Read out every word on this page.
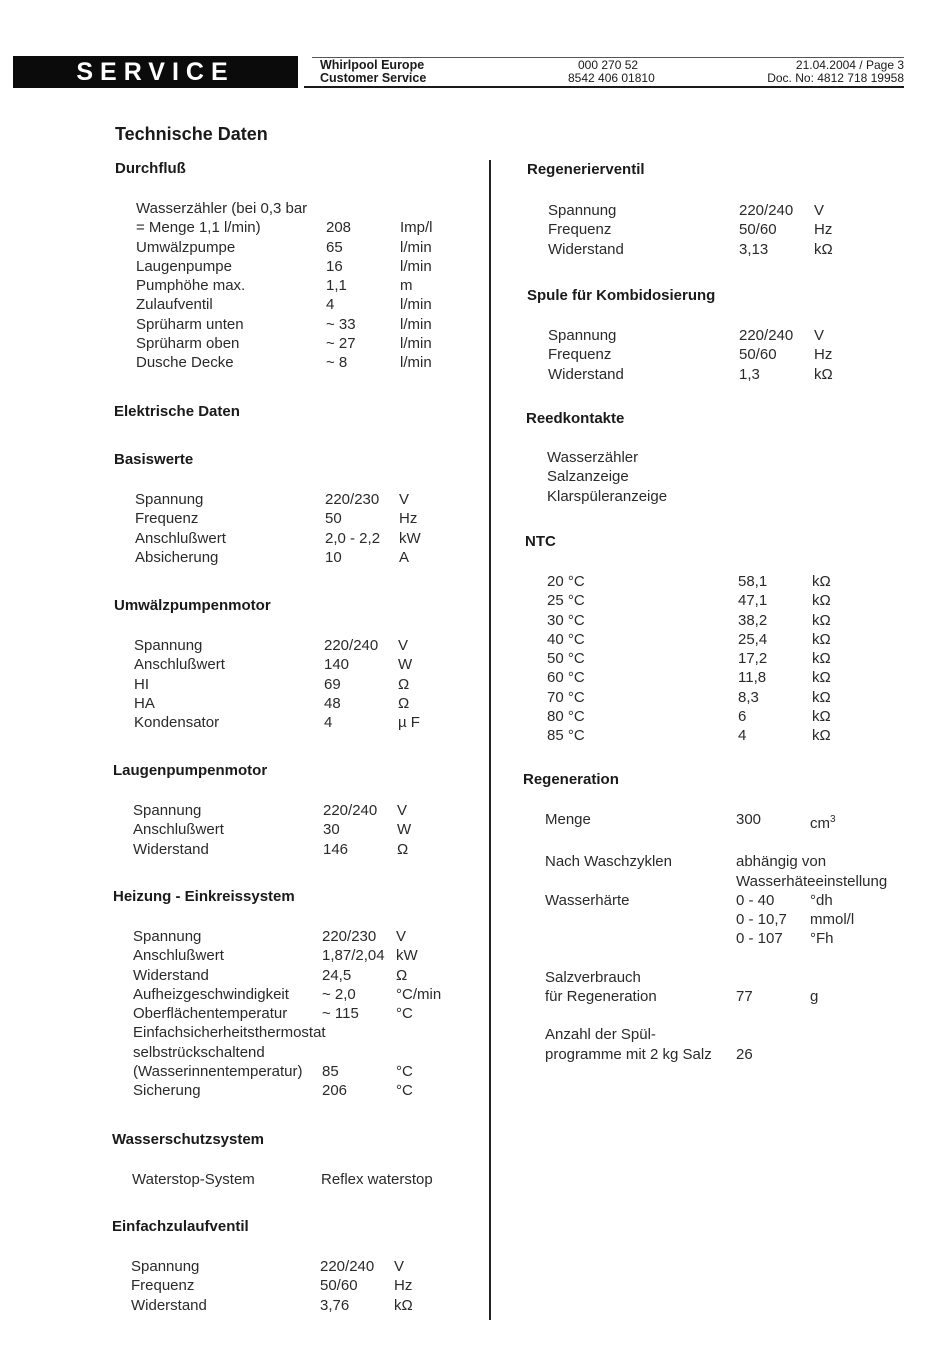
SERVICE	Whirlpool Europe
Customer Service
000 270 52
8542 406 01810
21.04.2004 / Page 3
Doc. No: 4812 718 19958
Technische Daten
Durchfluß
Wasserzähler (bei 0,3 bar
= Menge 1,1 l/min)	208	Imp/l
Umwälzpumpe	65	l/min
Laugenpumpe	16	l/min
Pumphöhe max.	1,1	m
Zulaufventil	4	l/min
Sprüharm unten	~ 33	l/min
Sprüharm oben	~ 27	l/min
Dusche Decke	~ 8	l/min
Elektrische Daten
Basiswerte
Spannung	220/230	V
Frequenz	50	Hz
Anschlußwert	2,0 - 2,2	kW
Absicherung	10	A
Umwälzpumpenmotor
Spannung	220/240	V
Anschlußwert	140	W
HI	69	Ω
HA	48	Ω
Kondensator	4	µ F
Laugenpumpenmotor
Spannung	220/240	V
Anschlußwert	30	W
Widerstand	146	Ω
Heizung - Einkreissystem
Spannung	220/230	V
Anschlußwert	1,87/2,04 kW
Widerstand	24,5	Ω
Aufheizgeschwindigkeit	~ 2,0	°C/min
Oberflächentemperatur	~ 115	°C
Einfachsicherheitsthermostat
selbstrückschaltend
(Wasserinnentemperatur)	85	°C
Sicherung	206	°C
Wasserschutzsystem
Waterstop-System	Reflex waterstop
Einfachzulaufventil
Spannung	220/240	V
Frequenz	50/60	Hz
Widerstand	3,76	kΩ
Regenerierventil
Spannung	220/240	V
Frequenz	50/60	Hz
Widerstand	3,13	kΩ
Spule für Kombidosierung
Spannung	220/240	V
Frequenz	50/60	Hz
Widerstand	1,3	kΩ
Reedkontakte
Wasserzähler
Salzanzeige
Klarspüleranzeige
NTC
20 °C	58,1	kΩ
25 °C	47,1	kΩ
30 °C	38,2	kΩ
40 °C	25,4	kΩ
50 °C	17,2	kΩ
60 °C	11,8	kΩ
70 °C	8,3	kΩ
80 °C	6	kΩ
85 °C	4	kΩ
Regeneration
Menge	300	$cm^3$
Nach Waschzyklen	abhängig von
Wasserhäteeinstellung
Wasserhärte	0 - 40	°dh
0 - 10,7	mmol/l
0 - 107	°Fh
Salzverbrauch
für Regeneration	77	g
Anzahl der Spül-
programme mit 2 kg Salz	26
